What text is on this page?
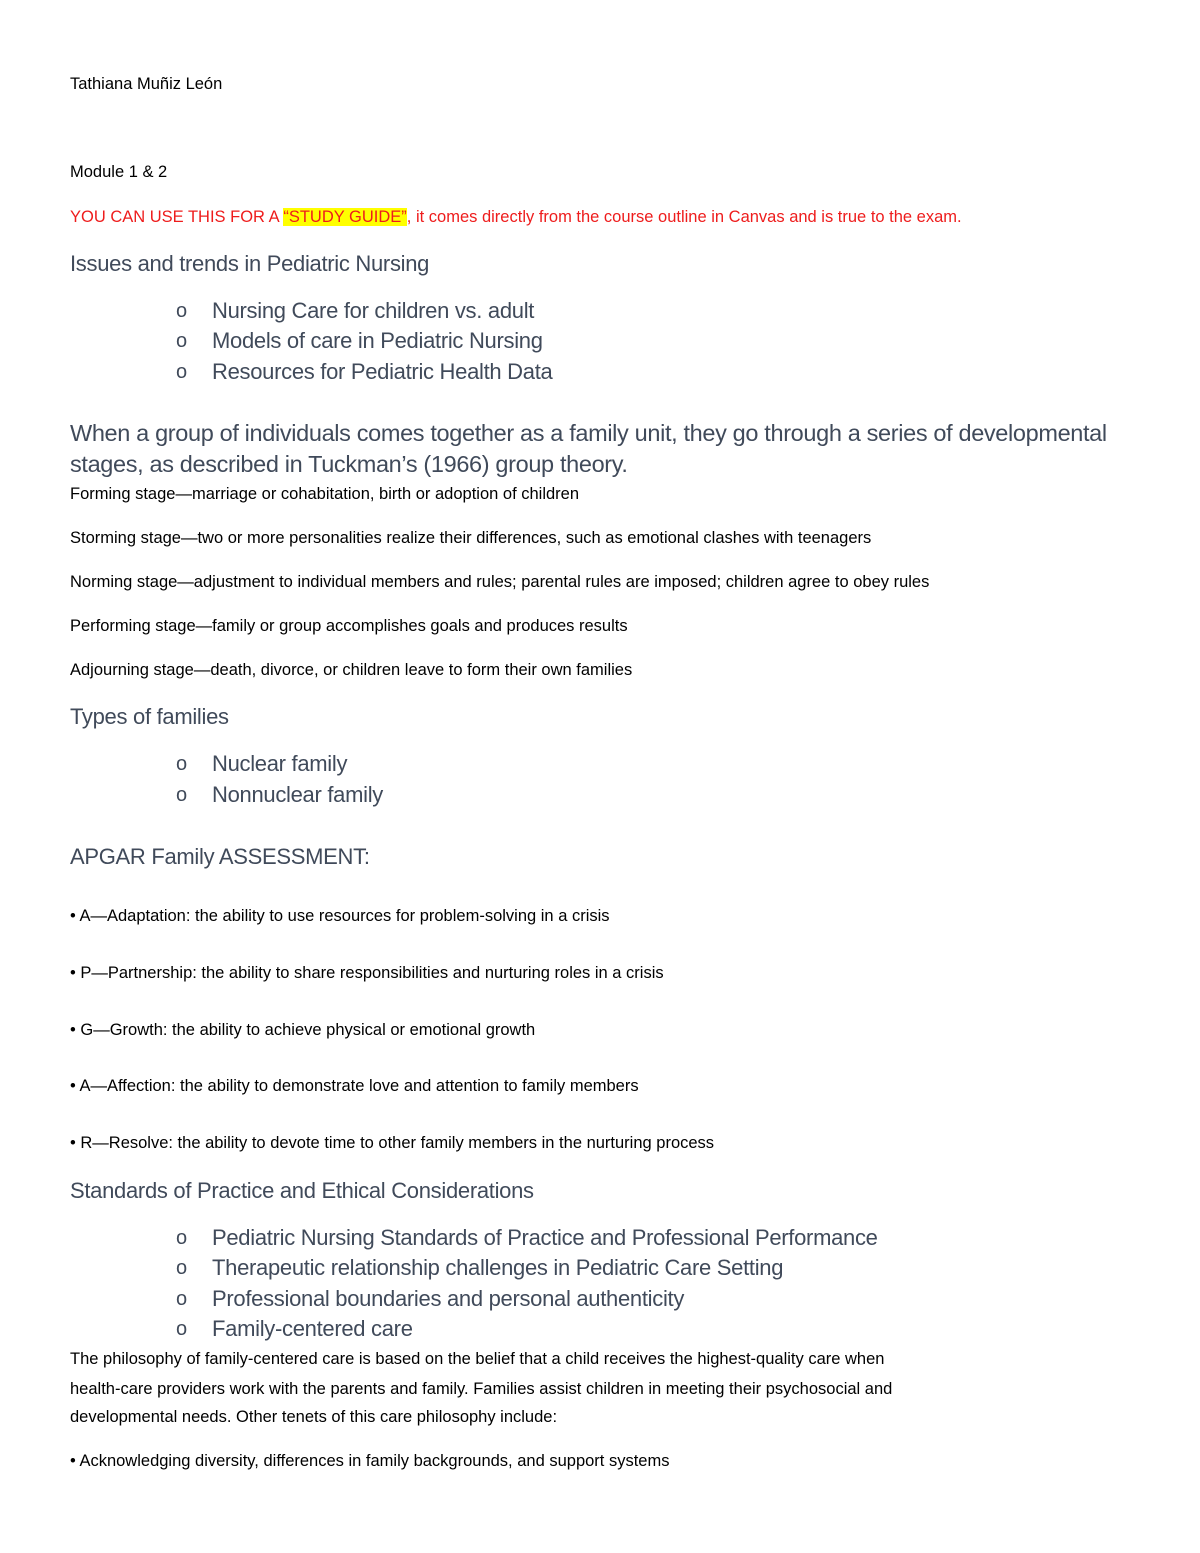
Tathiana Muñiz León
Module 1 & 2
YOU CAN USE THIS FOR A “STUDY GUIDE”, it comes directly from the course outline in Canvas and is true to the exam.
Issues and trends in Pediatric Nursing
o Nursing Care for children vs. adult
o Models of care in Pediatric Nursing
o Resources for Pediatric Health Data
When a group of individuals comes together as a family unit, they go through a series of developmental
stages, as described in Tuckman’s (1966) group theory.
Forming stage—marriage or cohabitation, birth or adoption of children
Storming stage—two or more personalities realize their differences, such as emotional clashes with teenagers
Norming stage—adjustment to individual members and rules; parental rules are imposed; children agree to obey rules
Performing stage—family or group accomplishes goals and produces results
Adjourning stage—death, divorce, or children leave to form their own families
Types of families
o Nuclear family
o Nonnuclear family
APGAR Family ASSESSMENT:
• A—Adaptation: the ability to use resources for problem-solving in a crisis
• P—Partnership: the ability to share responsibilities and nurturing roles in a crisis
• G—Growth: the ability to achieve physical or emotional growth
• A—Affection: the ability to demonstrate love and attention to family members
• R—Resolve: the ability to devote time to other family members in the nurturing process
Standards of Practice and Ethical Considerations
o Pediatric Nursing Standards of Practice and Professional Performance
o Therapeutic relationship challenges in Pediatric Care Setting
o Professional boundaries and personal authenticity
o Family-centered care
The philosophy of family-centered care is based on the belief that a child receives the highest-quality care when
health-care providers work with the parents and family. Families assist children in meeting their psychosocial and
developmental needs. Other tenets of this care philosophy include:
• Acknowledging diversity, differences in family backgrounds, and support systems
